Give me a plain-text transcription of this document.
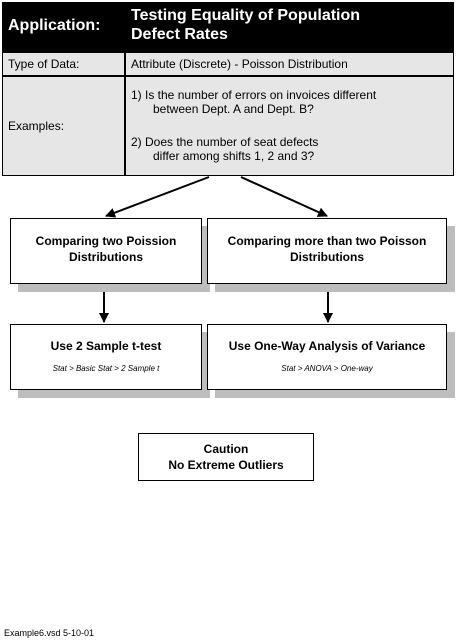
Application:
Testing Equality of Population
Defect Rates
Type of Data:	Attribute (Discrete) - Poisson Distribution
Examples:
1) Is the number of errors on invoices different
between Dept. A and Dept. B?
2) Does the number of seat defects
differ among shifts 1, 2 and 3?
Comparing two Poission
Distributions
Comparing more than two Poisson
Distributions
Use 2 Sample t-test
Stat > Basic Stat > 2 Sample t
Use One-Way Analysis of Variance
Stat > ANOVA > One-way
Caution
No Extreme Outliers
Example6.vsd 5-10-01
